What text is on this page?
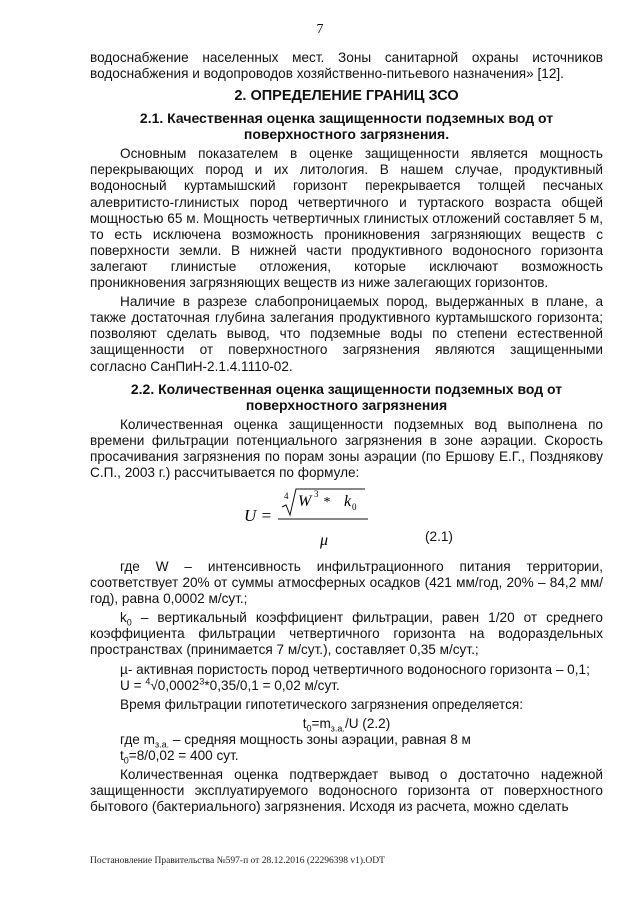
7

водоснабжение населенных мест. Зоны санитарной охраны источников водоснабжения и водопроводов хозяйственно-питьевого назначения» [12].

2. ОПРЕДЕЛЕНИЕ ГРАНИЦ ЗСО

2.1. Качественная оценка защищенности подземных вод от поверхностного загрязнения.

Основным показателем в оценке защищенности является мощность перекрывающих пород и их литология. В нашем случае, продуктивный водоносный куртамышский горизонт перекрывается толщей песчаных алевритисто-глинистых пород четвертичного и туртаского возраста общей мощностью 65 м. Мощность четвертичных глинистых отложений составляет 5 м, то есть исключена возможность проникновения загрязняющих веществ с поверхности земли. В нижней части продуктивного водоносного горизонта залегают глинистые отложения, которые исключают возможность проникновения загрязняющих веществ из ниже залегающих горизонтов.

Наличие в разрезе слабопроницаемых пород, выдержанных в плане, а также достаточная глубина залегания продуктивного куртамышского горизонта; позволяют сделать вывод, что подземные воды по степени естественной защищенности от поверхностного загрязнения являются защищенными согласно СанПиН-2.1.4.1110-02.

2.2. Количественная оценка защищенности подземных вод от поверхностного загрязнения

Количественная оценка защищенности подземных вод выполнена по времени фильтрации потенциального загрязнения в зоне аэрации. Скорость просачивания загрязнения по порам зоны аэрации (по Ершову Е.Г., Позднякову С.П., 2003 г.) рассчитывается по формуле:

U =
4 W 3
* k 0
μ	(2.1)

где W – интенсивность инфильтрационного питания территории, соответствует 20% от суммы атмосферных осадков (421 мм/год, 20% – 84,2 мм/год), равна 0,0002 м/сут.;

$k_0$ – вертикальный коэффициент фильтрации, равен 1/20 от среднего коэффициента фильтрации четвертичного горизонта на водораздельных пространствах (принимается 7 м/сут.), составляет 0,35 м/сут.;

µ- активная пористость пород четвертичного водоносного горизонта – 0,1;

$U = ^4√0,0002^3*0,35/0,1 = 0,02$ м/сут.

Время фильтрации гипотетического загрязнения определяется:

$t_0=m_{з.а.}/U$ (2.2)

где $m_{з.а.}$ – средняя мощность зоны аэрации, равная 8 м

$t_0=8/0,02 = 400$ сут.

Количественная оценка подтверждает вывод о достаточно надежной защищенности эксплуатируемого водоносного горизонта от поверхностного бытового (бактериального) загрязнения. Исходя из расчета, можно сделать

Постановление Правительства №597-п от 28.12.2016 (22296398 v1).ODT
